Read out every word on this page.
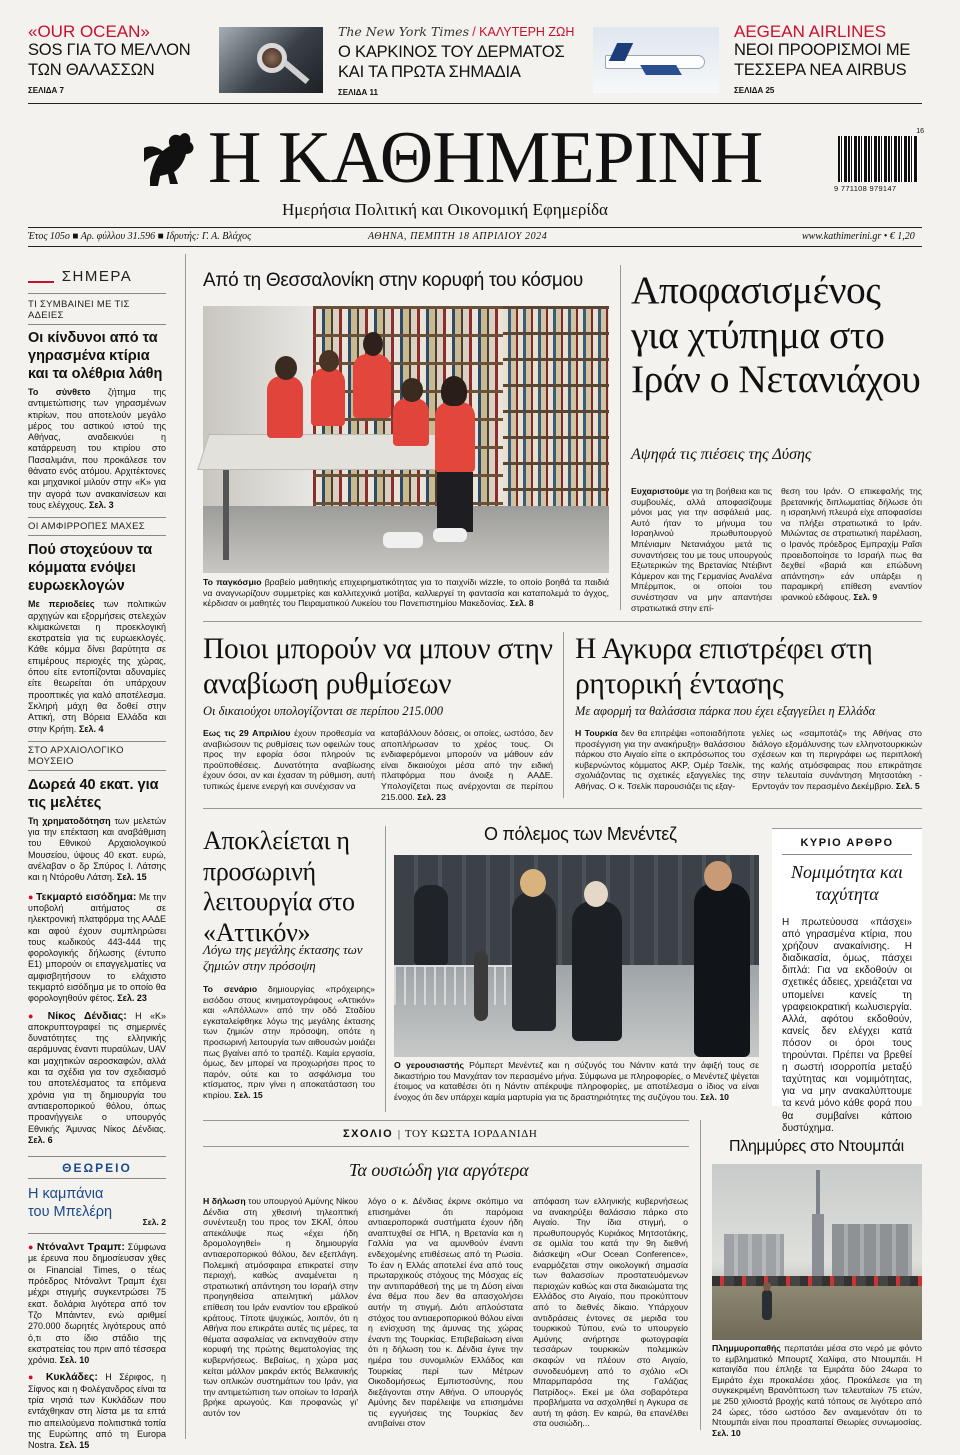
«OUR OCEAN»
SOS ΓΙΑ ΤΟ ΜΕΛΛΟΝ ΤΩΝ ΘΑΛΑΣΣΩΝ
ΣΕΛΙΔΑ 7
The New York Times / ΚΑΛΥΤΕΡΗ ΖΩΗ
Ο ΚΑΡΚΙΝΟΣ ΤΟΥ ΔΕΡΜΑΤΟΣ ΚΑΙ ΤΑ ΠΡΩΤΑ ΣΗΜΑΔΙΑ
ΣΕΛΙΔΑ 11
AEGEAN AIRLINES
ΝΕΟΙ ΠΡΟΟΡΙΣΜΟΙ ΜΕ ΤΕΣΣΕΡΑ ΝΕΑ AIRBUS
ΣΕΛΙΔΑ 25
Η ΚΑΘΗΜΕΡΙΝΗ
Ημερήσια Πολιτική και Οικονομική Εφημερίδα
16
9 771108 979147
Έτος 105ο ■ Αρ. φύλλου 31.596 ■ Ιδρυτής: Γ. Α. Βλάχος	ΑΘΗΝΑ, ΠΕΜΠΤΗ 18 ΑΠΡΙΛΙΟΥ 2024	www.kathimerini.gr • € 1,20
ΣΗΜΕΡΑ
ΤΙ ΣΥΜΒΑΙΝΕΙ ΜΕ ΤΙΣ ΑΔΕΙΕΣ
Οι κίνδυνοι από τα γηρασμένα κτίρια και τα ολέθρια λάθη
Το σύνθετο ζήτημα της αντιμετώπισης των γηρασμένων κτιρίων, που αποτελούν μεγάλο μέρος του αστικού ιστού της Αθήνας, αναδεικνύει η κατάρρευση του κτιρίου στο Πασαλιμάνι, που προκάλεσε τον θάνατο ενός ατόμου. Αρχιτέκτονες και μηχανικοί μιλούν στην «Κ» για την αγορά των ανακαινίσεων και τους ελέγχους. Σελ. 3
ΟΙ ΑΜΦΙΡΡΟΠΕΣ ΜΑΧΕΣ
Πού στοχεύουν τα κόμματα ενόψει ευρωεκλογών
Με περιοδείες των πολιτικών αρχηγών και εξορμήσεις στελεχών κλιμακώνεται η προεκλογική εκστρατεία για τις ευρωεκλογές. Κάθε κόμμα δίνει βαρύτητα σε επιμέρους περιοχές της χώρας, όπου είτε εντοπίζονται αδυναμίες είτε θεωρείται ότι υπάρχουν προοπτικές για καλό αποτέλεσμα. Σκληρή μάχη θα δοθεί στην Αττική, στη Βόρεια Ελλάδα και στην Κρήτη. Σελ. 4
ΣΤΟ ΑΡΧΑΙΟΛΟΓΙΚΟ ΜΟΥΣΕΙΟ
Δωρεά 40 εκατ. για τις μελέτες
Τη χρηματοδότηση των μελετών για την επέκταση και αναβάθμιση του Εθνικού Αρχαιολογικού Μουσείου, ύψους 40 εκατ. ευρώ, ανέλαβαν ο δρ Σπύρος Ι. Λάτσης και η Ντόροθυ Λάτση. Σελ. 15
● Τεκμαρτό εισόδημα: Με την υποβολή αιτήματος σε ηλεκτρονική πλατφόρμα της ΑΑΔΕ και αφού έχουν συμπληρώσει τους κωδικούς 443-444 της φορολογικής δήλωσης (έντυπο Ε1) μπορούν οι επαγγελματίες να αμφισβητήσουν το ελάχιστο τεκμαρτό εισόδημα με το οποίο θα φορολογηθούν φέτος. Σελ. 23
● Νίκος Δένδιας: Η «Κ» αποκρυπτογραφεί τις σημερινές δυνατότητες της ελληνικής αεράμυνας έναντι πυραύλων, UAV και μαχητικών αεροσκαφών, αλλά και τα σχέδια για τον σχεδιασμό του αποτελέσματος τα επόμενα χρόνια για τη δημιουργία του αντιαεροπορικού θόλου, όπως προανήγγειλε ο υπουργός Εθνικής Άμυνας Νίκος Δένδιας. Σελ. 6
ΘΕΩΡΕΙΟ
Η καμπάνια του Μπελέρη
Σελ. 2
● Ντόναλντ Τραμπ: Σύμφωνα με έρευνα που δημοσίευσαν χθες οι Financial Times, ο τέως πρόεδρος Ντόναλντ Τραμπ έχει μέχρι στιγμής συγκεντρώσει 75 εκατ. δολάρια λιγότερα από τον Τζο Μπάιντεν, ενώ αριθμεί 270.000 δωρητές λιγότερους από ό,τι στο ίδιο στάδιο της εκστρατείας του πριν από τέσσερα χρόνια. Σελ. 10
● Κυκλάδες: Η Σέριφος, η Σίφνος και η Φολέγανδρος είναι τα τρία νησιά των Κυκλάδων που εντάχθηκαν στη λίστα με τα επτά πιο απειλούμενα πολιτιστικά τοπία της Ευρώπης από τη Europa Nostra. Σελ. 15
Από τη Θεσσαλονίκη στην κορυφή του κόσμου
Το παγκόσμιο βραβείο μαθητικής επιχειρηματικότητας για το παιχνίδι wizzle, το οποίο βοηθά τα παιδιά να αναγνωρίζουν συμμετρίες και καλλιτεχνικά μοτίβα, καλλιεργεί τη φαντασία και καταπολεμά το άγχος, κέρδισαν οι μαθητές του Πειραματικού Λυκείου του Πανεπιστημίου Μακεδονίας. Σελ. 8
Αποφασισμένος για χτύπημα στο Ιράν ο Νετανιάχου
Αψηφά τις πιέσεις της Δύσης
Ευχαριστούμε για τη βοήθεια και τις συμβουλές, αλλά αποφασίζουμε μόνοι μας για την ασφάλειά μας. Αυτό ήταν το μήνυμα του Ισραηλινού πρωθυπουργού Μπένιαμιν Νετανιάχου μετά τις συναντήσεις του με τους υπουργούς Εξωτερικών της Βρετανίας Ντέιβιντ Κάμερον και της Γερμανίας Αναλένα Μπέρμποκ, οι οποίοι του συνέστησαν να μην απαντήσει στρατιωτικά στην επί-
θεση του Ιράν. Ο επικεφαλής της βρετανικής διπλωματίας δήλωσε ότι η ισραηλινή πλευρά είχε αποφασίσει να πλήξει στρατιωτικά το Ιράν. Μιλώντας σε στρατιωτική παρέλαση, ο Ιρανός πρόεδρος Εμπραχίμ Ραΐσι προειδοποίησε το Ισραήλ πως θα δεχθεί «βαριά και επώδυνη απάντηση» εάν υπάρξει η παραμικρή επίθεση εναντίον ιρανικού εδάφους. Σελ. 9
Ποιοι μπορούν να μπουν στην αναβίωση ρυθμίσεων
Οι δικαιούχοι υπολογίζονται σε περίπου 215.000
Εως τις 29 Απριλίου έχουν προθεσμία να αναβιώσουν τις ρυθμίσεις των οφειλών τους προς την εφορία όσοι πληρούν τις προϋποθέσεις. Δυνατότητα αναβίωσης έχουν όσοι, αν και έχασαν τη ρύθμιση, αυτή τυπικώς έμεινε ενεργή και συνέχισαν να
καταβάλλουν δόσεις, οι οποίες, ωστόσο, δεν αποπλήρωσαν το χρέος τους. Οι ενδιαφερόμενοι μπορούν να μάθουν εάν είναι δικαιούχοι μέσα από την ειδική πλατφόρμα που άνοιξε η ΑΑΔΕ. Υπολογίζεται πως ανέρχονται σε περίπου 215.000. Σελ. 23
Η Αγκυρα επιστρέφει στη ρητορική έντασης
Με αφορμή τα θαλάσσια πάρκα που έχει εξαγγείλει η Ελλάδα
Η Τουρκία δεν θα επιτρέψει «οποιαδήποτε προσέγγιση για την ανακήρυξη» θαλάσσιου πάρκου στο Αιγαίο είπε ο εκπρόσωπος του κυβερνώντος κόμματος AKP, Ομέρ Τσελίκ, σχολιάζοντας τις σχετικές εξαγγελίες της Αθήνας. Ο κ. Τσελίκ παρουσιάζει τις εξαγ-
γελίες ως «σαμποτάζ» της Αθήνας στο διάλογο εξομάλυνσης των ελληνοτουρκικών σχέσεων και τη περιγράφει ως περιπλοκή της καλής ατμόσφαιρας που επικράτησε στην τελευταία συνάντηση Μητσοτάκη - Ερντογάν τον περασμένο Δεκέμβριο. Σελ. 5
Αποκλείεται η προσωρινή λειτουργία στο «Αττικόν»
Λόγω της μεγάλης έκτασης των ζημιών στην πρόσοψη
Το σενάριο δημιουργίας «πρόχειρης» εισόδου στους κινηματογράφους «Αττικόν» και «Απόλλων» από την οδό Σταδίου εγκαταλείφθηκε λόγω της μεγάλης έκτασης των ζημιών στην πρόσοψη, οπότε η προσωρινή λειτουργία των αιθουσών μοιάζει πως βγαίνει από το τραπέζι. Καμία εργασία, όμως, δεν μπορεί να προχωρήσει προς το παρόν, ούτε και το ασφάλισμα του κτίσματος, πριν γίνει η αποκατάσταση του κτιρίου. Σελ. 15
Ο πόλεμος των Μενέντεζ
Ο γερουσιαστής Ρόμπερτ Μενέντεζ και η σύζυγός του Νάντιν κατά την άφιξή τους σε δικαστήριο του Μανχάταν τον περασμένο μήνα. Σύμφωνα με πληροφορίες, ο Μενέντεζ ψέγεται έτοιμος να καταθέσει ότι η Νάντιν απέκρυψε πληροφορίες, με αποτέλεσμα ο ίδιος να είναι ένοχος ότι δεν υπάρχει καμία μαρτυρία για τις δραστηριότητες της συζύγου του. Σελ. 10
ΚΥΡΙΟ ΑΡΘΡΟ
Νομιμότητα και ταχύτητα
Η πρωτεύουσα «πάσχει» από γηρασμένα κτίρια, που χρήζουν ανακαίνισης. Η διαδικασία, όμως, πάσχει διπλά: Για να εκδοθούν οι σχετικές άδειες, χρειάζεται να υπομείνει κανείς τη γραφειοκρατική κωλυσιεργία. Αλλά, αφότου εκδοθούν, κανείς δεν ελέγχει κατά πόσον οι όροι τους τηρούνται. Πρέπει να βρεθεί η σωστή ισορροπία μεταξύ ταχύτητας και νομιμότητας, για να μην ανακαλύπτουμε τα κενά μόνο κάθε φορά που θα συμβαίνει κάποιο δυστύχημα.
ΣΧΟΛΙΟ | ΤΟΥ ΚΩΣΤΑ ΙΟΡΔΑΝΙΔΗ
Τα ουσιώδη για αργότερα
Η δήλωση του υπουργού Αμύνης Νίκου Δένδια στη χθεσινή τηλεοπτική συνέντευξη του προς τον ΣΚΑΪ, όπου απεκάλυψε πως «έχει ήδη δρομολογηθεί» η δημιουργία αντιαεροπορικού θόλου, δεν εξεπλάγη. Πολεμική ατμόσφαιρα επικρατεί στην περιοχή, καθώς αναμένεται η στρατιωτική απάντηση του Ισραήλ στην προηγηθείσα απειλητική μάλλον επίθεση του Ιράν εναντίον του εβραϊκού κράτους. Τίποτε ψυχικώς, λοιπόν, ότι η Αθήνα που επικράτει αυτές τις μέρες, τα θέματα ασφαλείας να εκτιναχθούν στην κορυφή της πρώτης θεματολογίας της κυβερνήσεως. Βεβαίως, η χώρα μας κείται μάλλον μακράν εκτός Βελκανικής των οπλικών συστημάτων του Ιράν, για την αντιμετώπιση των οποίων το Ισραήλ βρήκε αρωγούς. Και προφανώς γι' αυτόν τον
λόγο ο κ. Δένδιας έκρινε σκόπιμο να επισημάνει ότι παρόμοια αντιαεροπορικά συστήματα έχουν ήδη αναπτυχθεί σε ΗΠΑ, η Βρετανία και η Γαλλία για να αμυνθούν έναντι ενδεχομένης επιθέσεως από τη Ρωσία. Το έαν η Ελλάς αποτελεί ένα από τους πρωταρχικούς στόχους της Μόσχας είς την αντιπαράθεσή της με τη Δύση είναι ένα θέμα που δεν θα απασχολήσει αυτήν τη στιγμή. Διότι απλούστατα στόχος του αντιαεροπορικού θόλου είναι η ενίσχυση της άμυνας της χώρας έναντι της Τουρκίας. Επιβεβαίωση είναι ότι η δήλωση του κ. Δένδια έγινε την ημέρα του συνομιλιών Ελλάδος και Τουρκίας περί των Μέτρων Οικοδομήσεως Εμπιστοσύνης, που διεξάγονται στην Αθήνα. Ο υπουργός Αμύνης δεν παρέλειψε να επισημάνει τις εγγυήσεις της Τουρκίας δεν αντιβαίνει στον
απόφαση των ελληνικής κυβερνήσεως να ανακηρύξει θαλάσσιο πάρκο στο Αιγαίο. Την ίδια στιγμή, ο πρωθυπουργός Κυριάκος Μητσοτάκης, σε ομιλία του κατά την 9η διεθνή διάσκεψη «Our Ocean Conference», εναρμόζεται στην οικολογική σημασία των θαλασσίων προστατευόμενων περιοχών καθώς και στα δικαιώματα της Ελλάδος στο Αιγαίο, που προκύπτουν από το διεθνές δίκαιο. Υπάρχουν αντιδράσεις έντονες σε μεριδα του τουρκικού Τύπου, ενώ το υπουργείο Αμύνης ανήρτησε φωτογραφία τεσσάρων τουρκικών πολεμικών σκαφών να πλέουν στο Αιγαίο, συνοδευόμενη από το σχόλιο «Οι Μπαρμπαρόσα της Γαλάζιας Πατρίδος». Εκεί με όλα σοβαρότερα προβλήματα να ασχοληθεί η Αγκυρα σε αυτή τη φάση. Εν καιρώ, θα επανέλθει στα ουσιώδη...
Πλημμύρες στο Ντουμπάι
Πλημμυροπαθής περπατάει μέσα στο νερό με φόντο το εμβληματικό Μπουρτζ Χαλίφα, στο Ντουμπάι. Η καταιγίδα που έπληξε τα Εμιράτα δύο 24ωρα το Εμιράτο έχει προκαλέσει χάος. Προκάλεσε για τη συγκεκριμένη Βρανόπτωση των τελευταίων 75 ετών, με 250 χιλιοστά βροχής κατά τόπους σε λιγότερο από 24 ώρες, τόσο ωστόσο δεν αναμενόταν ότι το Ντουμπάι είναι που προαπαιτεί Θεωρίες συνωμοσίας. Σελ. 10
